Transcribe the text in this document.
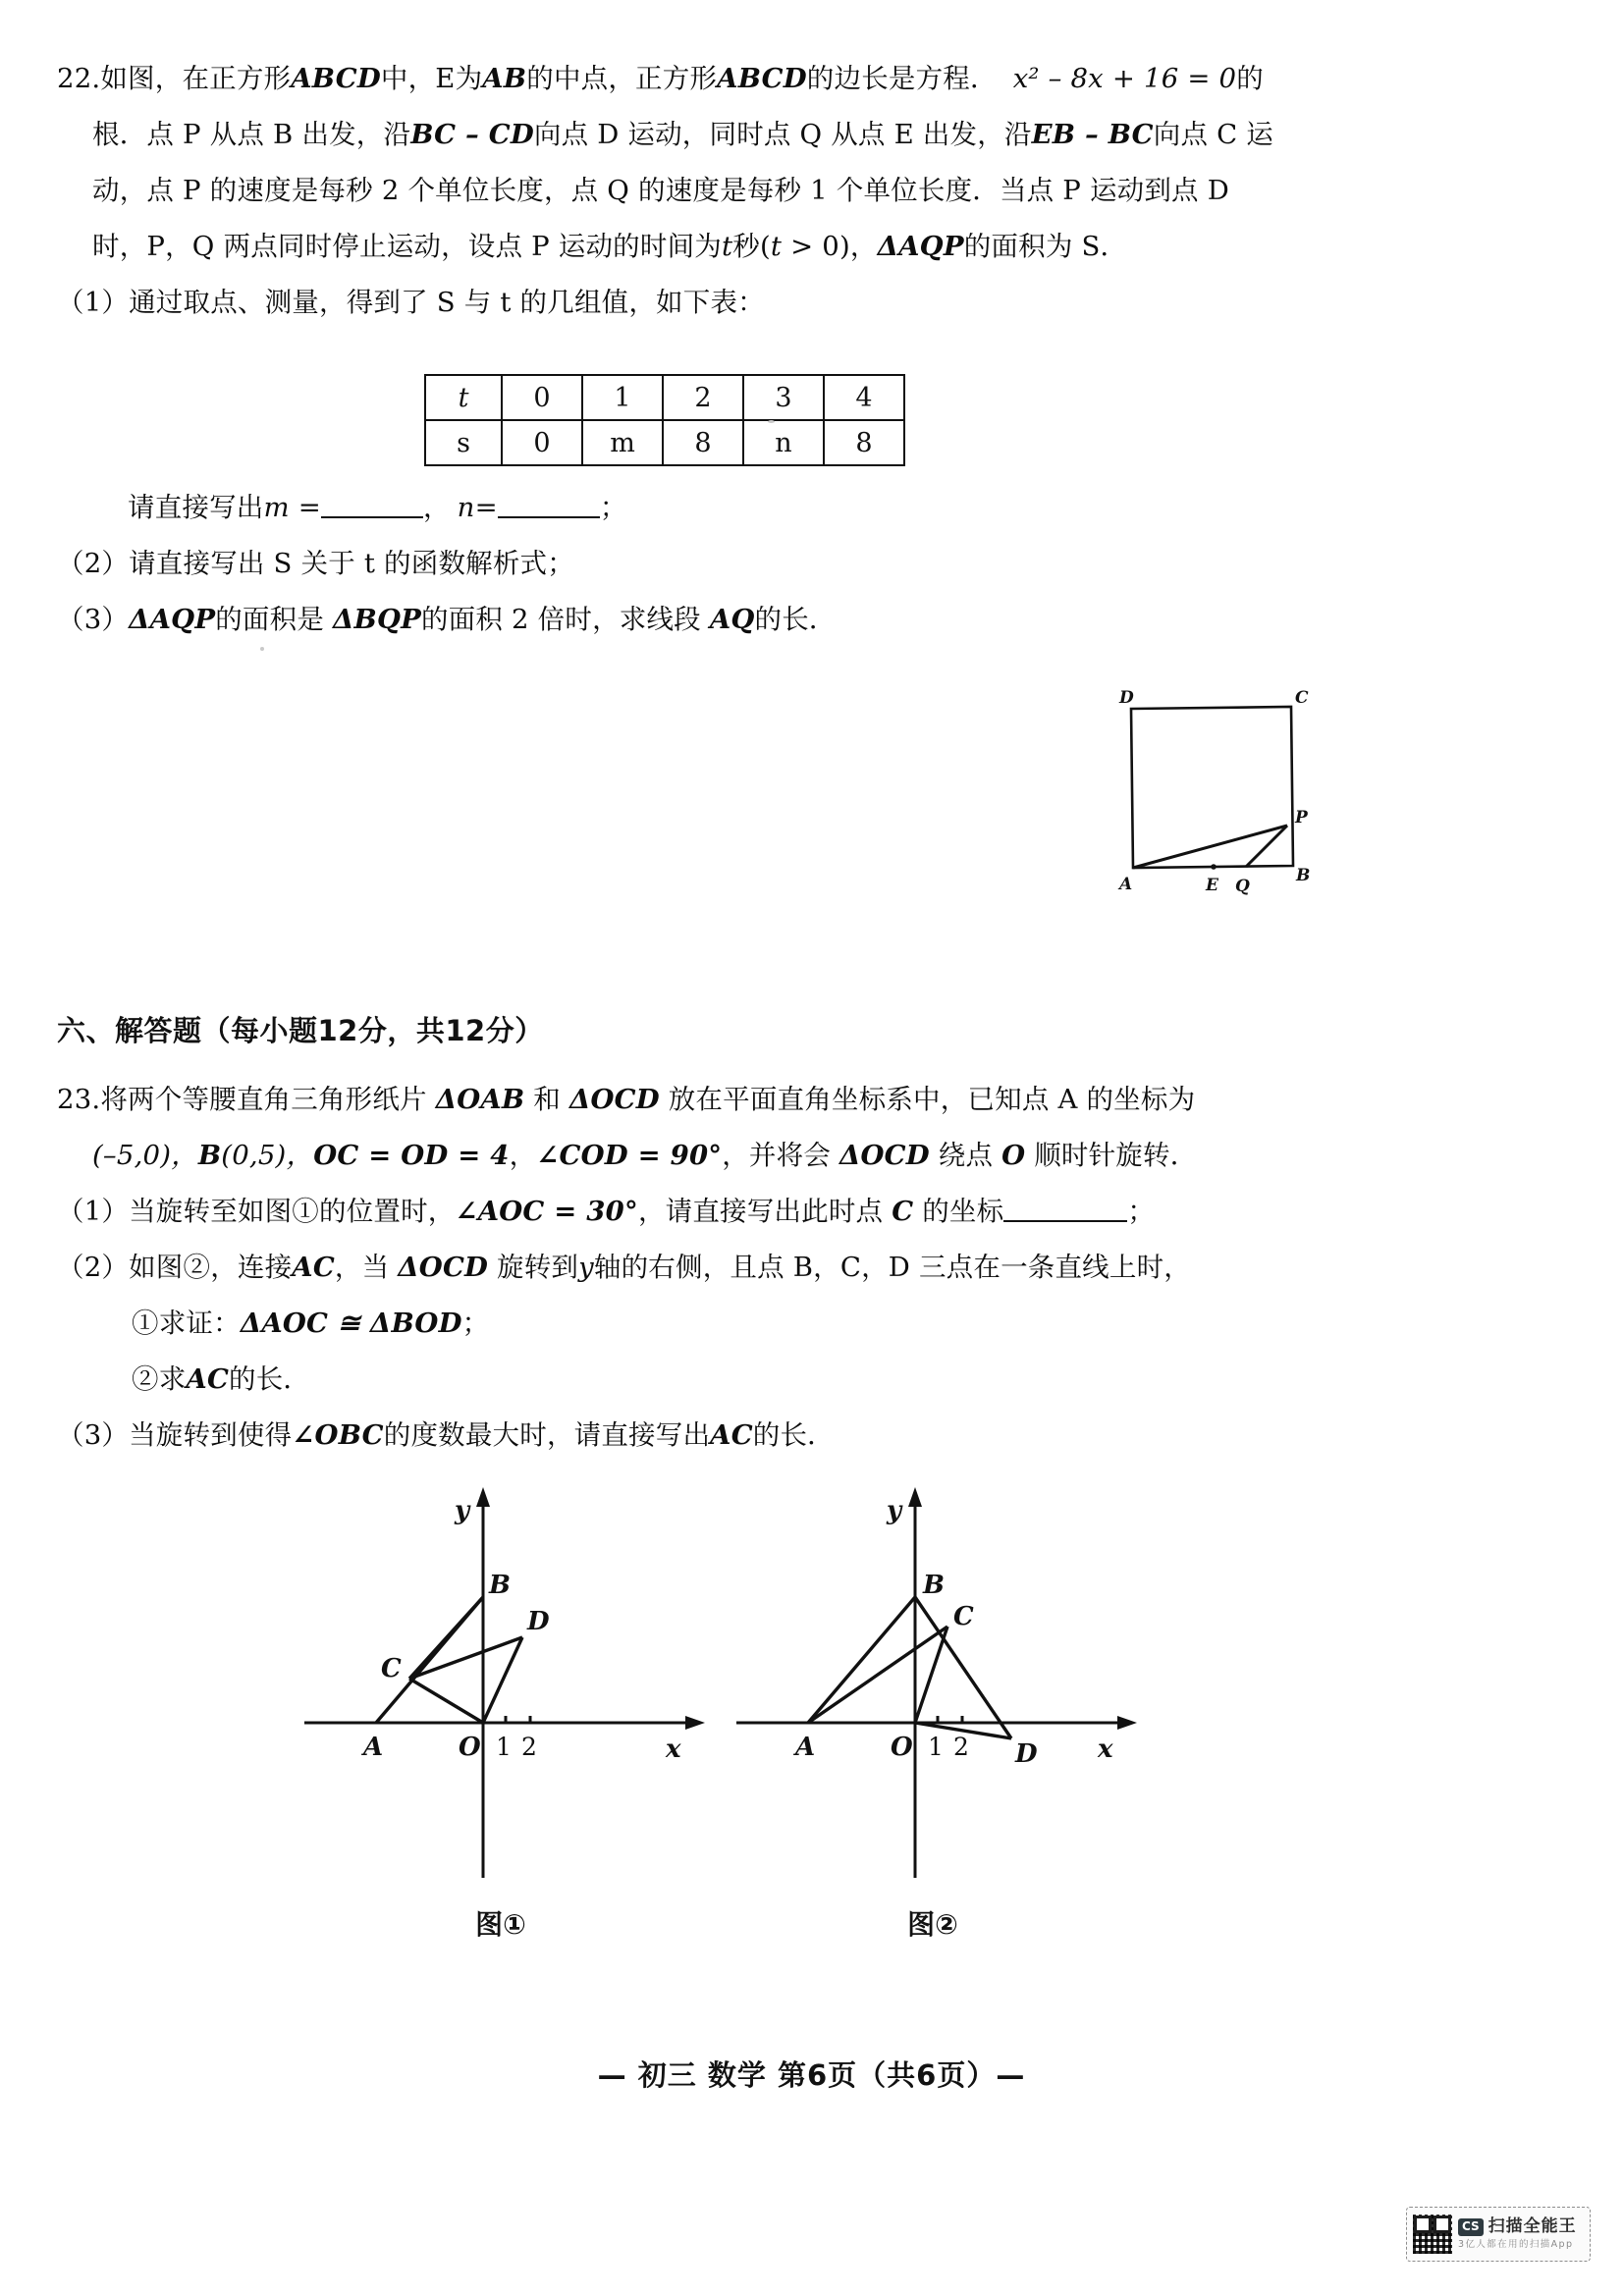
22.如图，在正方形ABCD中，E为AB的中点，正方形ABCD的边长是方程． x² – 8x + 16 = 0的
根．点 P 从点 B 出发，沿BC – CD向点 D 运动，同时点 Q 从点 E 出发，沿EB – BC向点 C 运
动，点 P 的速度是每秒 2 个单位长度，点 Q 的速度是每秒 1 个单位长度．当点 P 运动到点 D
时，P，Q 两点同时停止运动，设点 P 运动的时间为t秒(t > 0)，ΔAQP的面积为 S．
（1）通过取点、测量，得到了 S 与 t 的几组值，如下表：
请直接写出m =	， n=	；
（2）请直接写出 S 关于 t 的函数解析式；
（3）ΔAQP的面积是 ΔBQP的面积 2 倍时，求线段 AQ的长．
t	0	1	2	3	4
s	0	m	8	n	8
D	C
P
A	E Q
B
六、解答题（每小题12分，共12分）
23.将两个等腰直角三角形纸片 ΔOAB 和 ΔOCD 放在平面直角坐标系中，已知点 A 的坐标为
(–5,0)，B(0,5)，OC = OD = 4，∠COD = 90°，并将会 ΔOCD 绕点 O 顺时针旋转．
（1）当旋转至如图①的位置时，∠AOC = 30°，请直接写出此时点 C 的坐标	；
（2）如图②，连接AC，当 ΔOCD 旋转到y轴的右侧，且点 B，C，D 三点在一条直线上时，
①求证：ΔAOC ≅ ΔBOD；
②求AC的长．
（3）当旋转到使得∠OBC的度数最大时，请直接写出AC的长．
B
D
C
A	O 1 2	x
y
图①
B
C
A	O 1 2 D x
y
图②
— 初三 数学 第6页（共6页）—
CS 扫描全能王
3亿人都在用的扫描App
